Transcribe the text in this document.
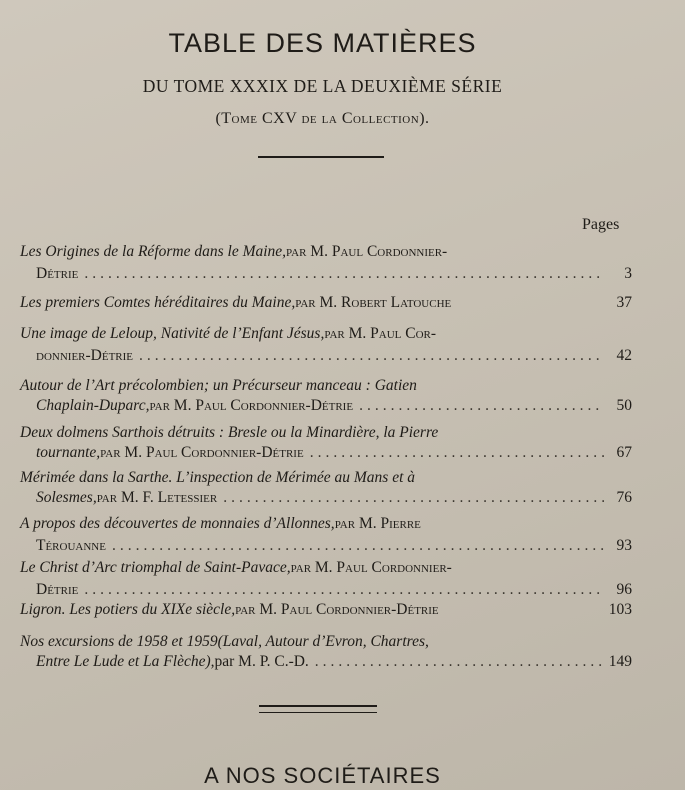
TABLE DES MATIÈRES
DU TOME XXXIX DE LA DEUXIÈME SÉRIE
(Tome CXV de la Collection).
Pages
Les Origines de la Réforme dans le Maine, par M. Paul Cordonnier-
Détrie .....	3
Les premiers Comtes héréditaires du Maine, par M. Robert Latouche	37
Une image de Leloup, Nativité de l’Enfant Jésus, par M. Paul Cor-
donnier-Détrie .....	42
Autour de l’Art précolombien; un Précurseur manceau : Gatien
Chaplain-Duparc, par M. Paul Cordonnier-Détrie .....	50
Deux dolmens Sarthois détruits : Bresle ou la Minardière, la Pierre
tournante, par M. Paul Cordonnier-Détrie .....	67
Mérimée dans la Sarthe. L’inspection de Mérimée au Mans et à
Solesmes, par M. F. Letessier .....	76
A propos des découvertes de monnaies d’Allonnes, par M. Pierre
Térouanne .....	93
Le Christ d’Arc triomphal de Saint-Pavace, par M. Paul Cordonnier-
Détrie .....	96
Ligron. Les potiers du XIXe siècle, par M. Paul Cordonnier-Détrie	103
Nos excursions de 1958 et 1959 (Laval, Autour d’Evron, Chartres,
Entre Le Lude et La Flèche), par M. P. C.-D. .....	149
A NOS SOCIÉTAIRES
